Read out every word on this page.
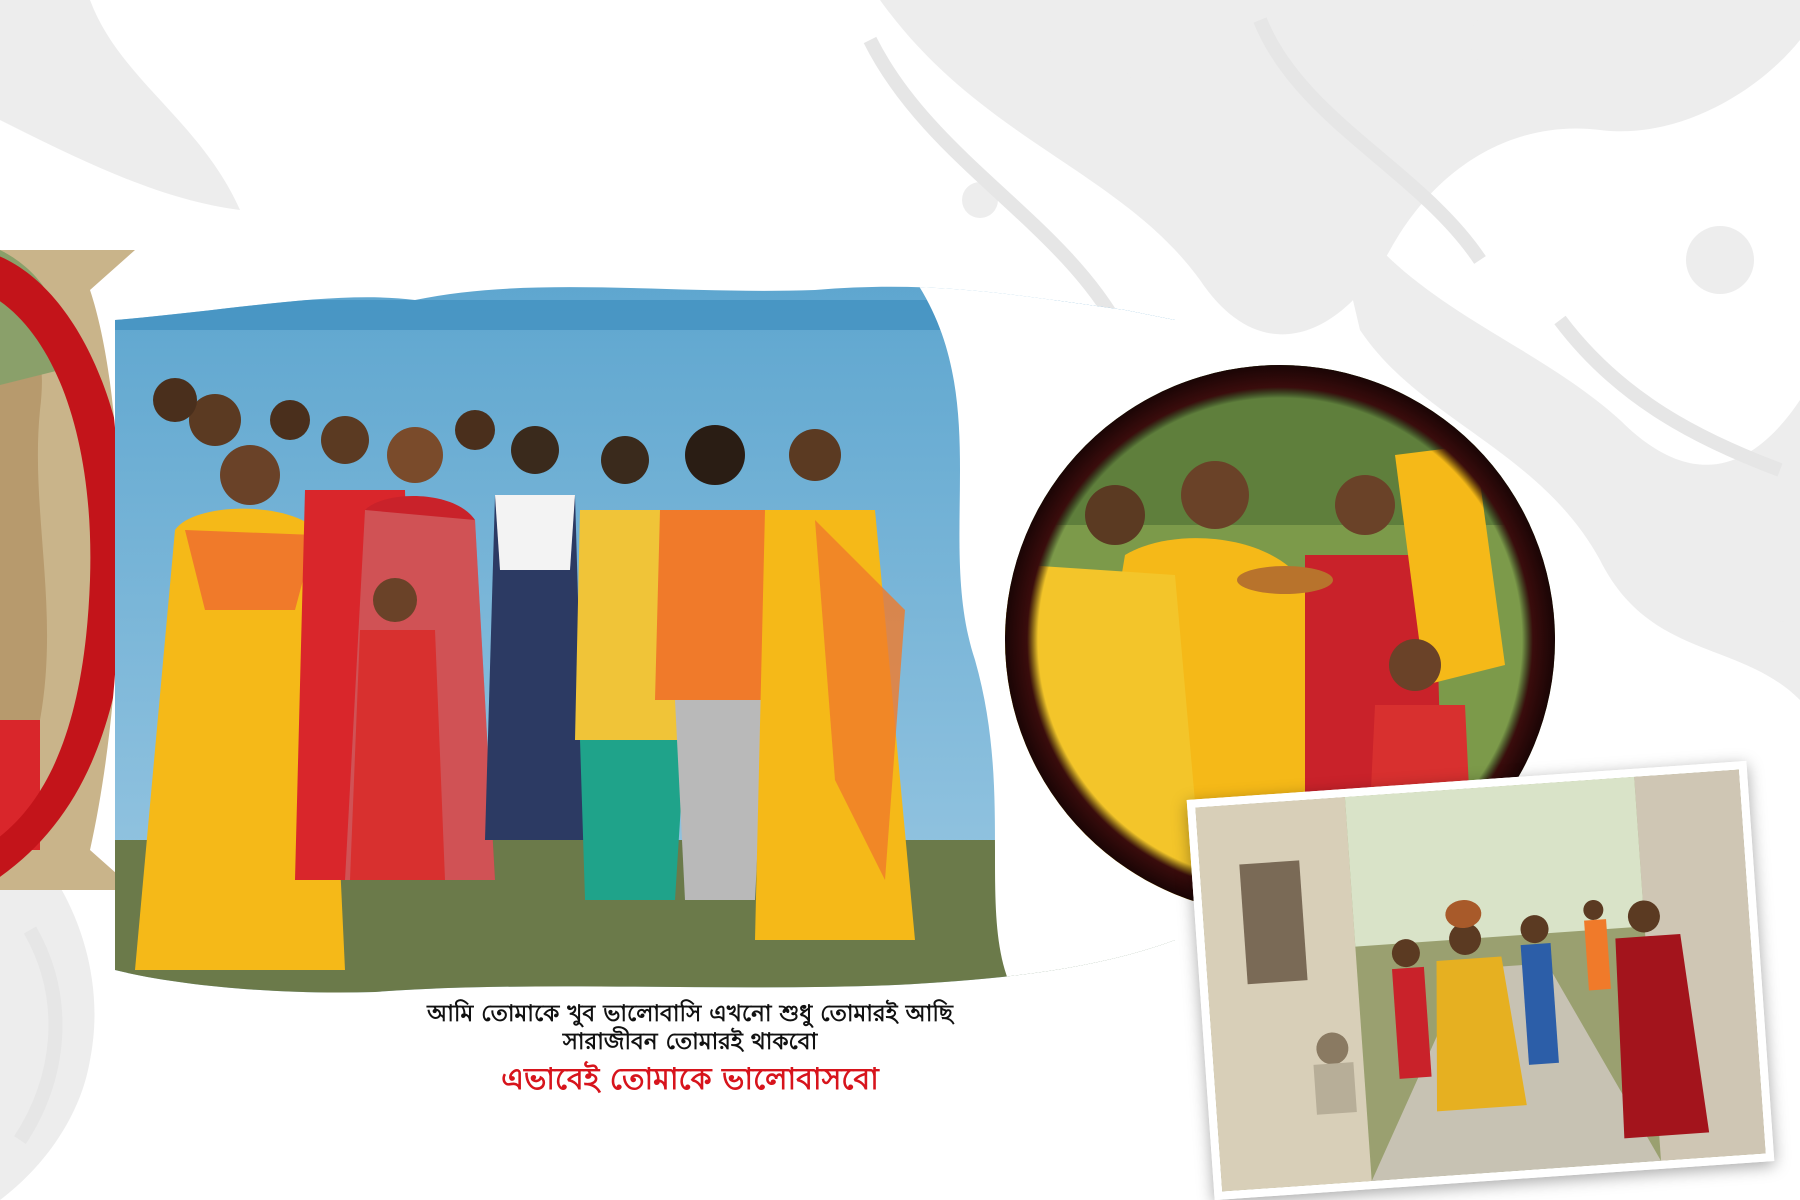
আমি তোমাকে খুব ভালোবাসি এখনো শুধু তোমারই আছি
সারাজীবন তোমারই থাকবো
এভাবেই তোমাকে ভালোবাসবো
